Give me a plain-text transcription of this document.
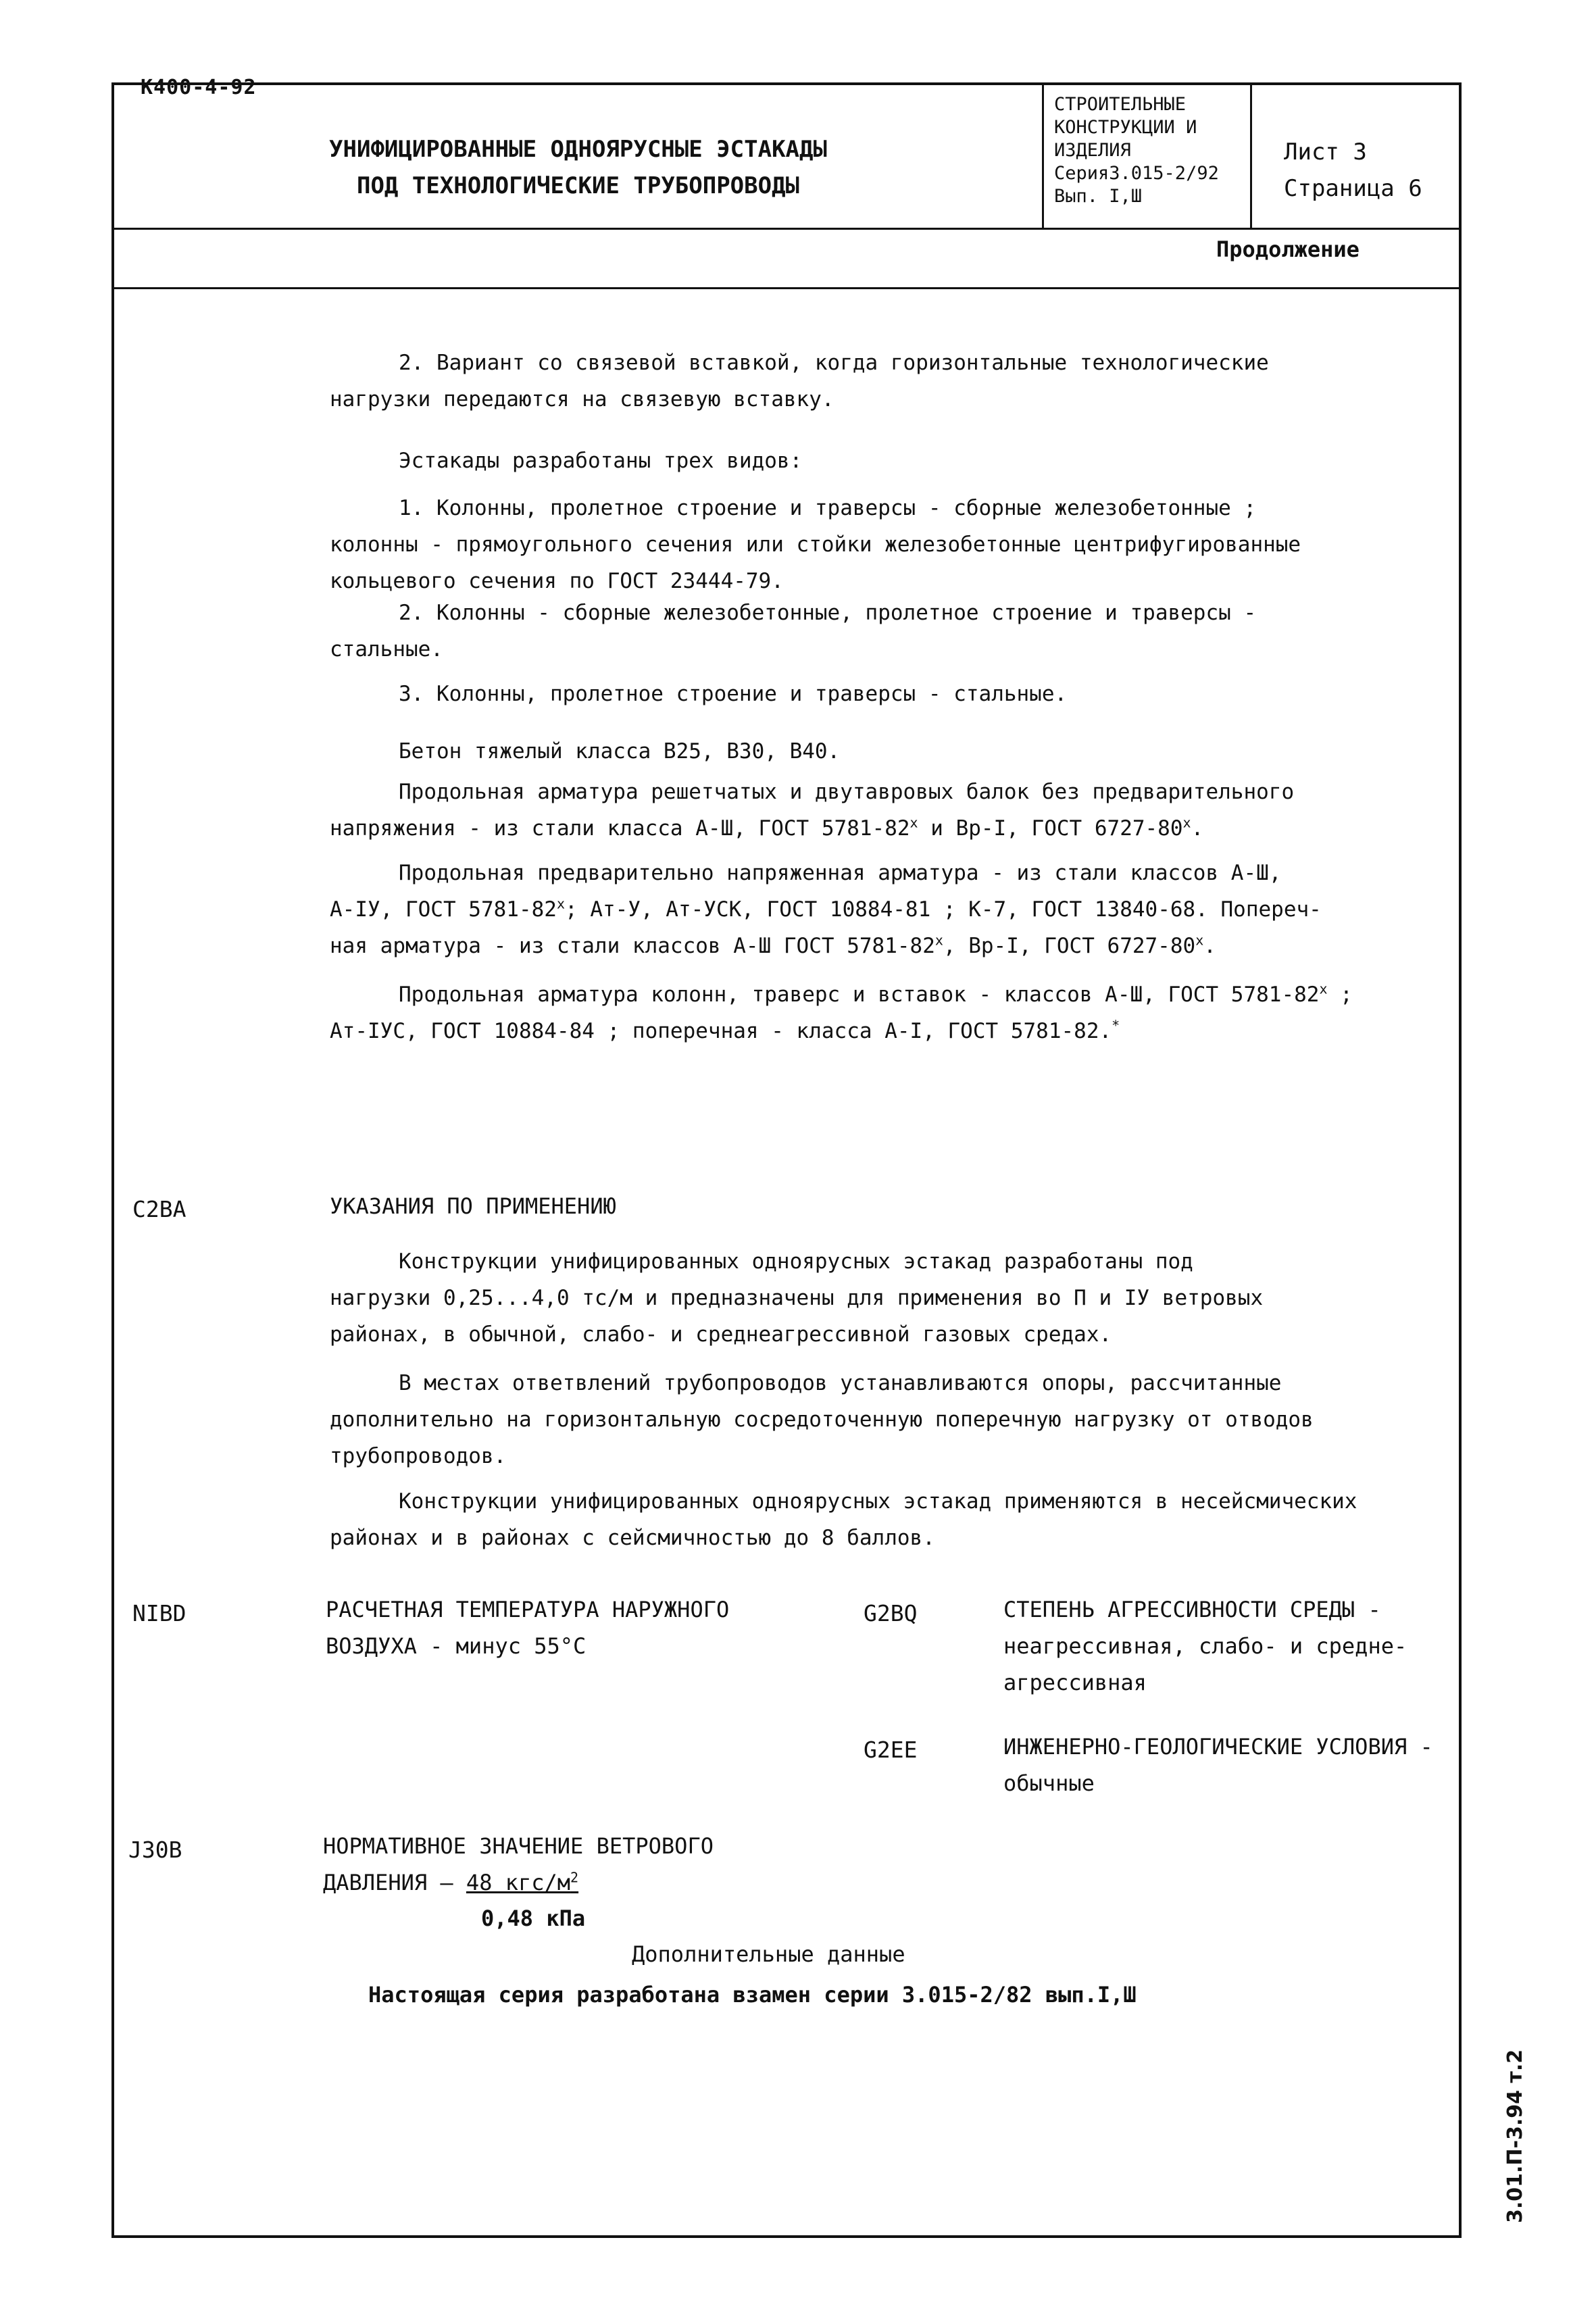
К400-4-92
УНИФИЦИРОВАННЫЕ ОДНОЯРУСНЫЕ ЭСТАКАДЫ
ПОД ТЕХНОЛОГИЧЕСКИЕ ТРУБОПРОВОДЫ
СТРОИТЕЛЬНЫЕ
КОНСТРУКЦИИ И
ИЗДЕЛИЯ
Серия3.015-2/92
Вып. I,Ш
Лист 3
Страница 6
Продолжение
2. Вариант со связевой вставкой, когда горизонтальные технологические
нагрузки передаются на связевую вставку.
Эстакады разработаны трех видов:
1. Колонны, пролетное строение и траверсы - сборные железобетонные ;
колонны - прямоугольного сечения или стойки железобетонные центрифугированные
кольцевого сечения по ГОСТ 23444-79.
2. Колонны - сборные железобетонные, пролетное строение и траверсы -
стальные.
3. Колонны, пролетное строение и траверсы - стальные.
Бетон тяжелый класса В25, В30, В40.
Продольная арматура решетчатых и двутавровых балок без предварительного
напряжения - из стали класса А-Ш, ГОСТ $5781-82^х$ и Вр-I, ГОСТ $6727-80^х$.
Продольная предварительно напряженная арматура - из стали классов А-Ш,
А-IУ, ГОСТ $5781-82^х$; Ат-У, Ат-УСК, ГОСТ 10884-81 ; К-7, ГОСТ 13840-68. Попереч-
ная арматура - из стали классов А-Ш ГОСТ $5781-82^х$, Вр-I, ГОСТ $6727-80^х$.
Продольная арматура колонн, траверс и вставок - классов А-Ш, ГОСТ $5781-82^х$ ;
Ат-IУС, ГОСТ 10884-84 ; поперечная - класса А-I, ГОСТ 5781-82.*
С2ВА	УКАЗАНИЯ ПО ПРИМЕНЕНИЮ
Конструкции унифицированных одноярусных эстакад разработаны под
нагрузки 0,25...4,0 тс/м и предназначены для применения во П и IУ ветровых
районах, в обычной, слабо- и среднеагрессивной газовых средах.
В местах ответвлений трубопроводов устанавливаются опоры, рассчитанные
дополнительно на горизонтальную сосредоточенную поперечную нагрузку от отводов
трубопроводов.
Конструкции унифицированных одноярусных эстакад применяются в несейсмических
районах и в районах с сейсмичностью до 8 баллов.
NIBD	РАСЧЕТНАЯ ТЕМПЕРАТУРА НАРУЖНОГО
ВОЗДУХА - минус 55°С
G2BQ	СТЕПЕНЬ АГРЕССИВНОСТИ СРЕДЫ -
неагрессивная, слабо- и средне-
агрессивная
G2EE	ИНЖЕНЕРНО-ГЕОЛОГИЧЕСКИЕ УСЛОВИЯ -
обычные
J30В	НОРМАТИВНОЕ ЗНАЧЕНИЕ ВЕТРОВОГО
ДАВЛЕНИЯ – 48 кгс/$м^2$
0,48 кПа
Дополнительные данные
Настоящая серия разработана взамен серии 3.015-2/82 вып.I,Ш
3.01.П-3.94 т.2
